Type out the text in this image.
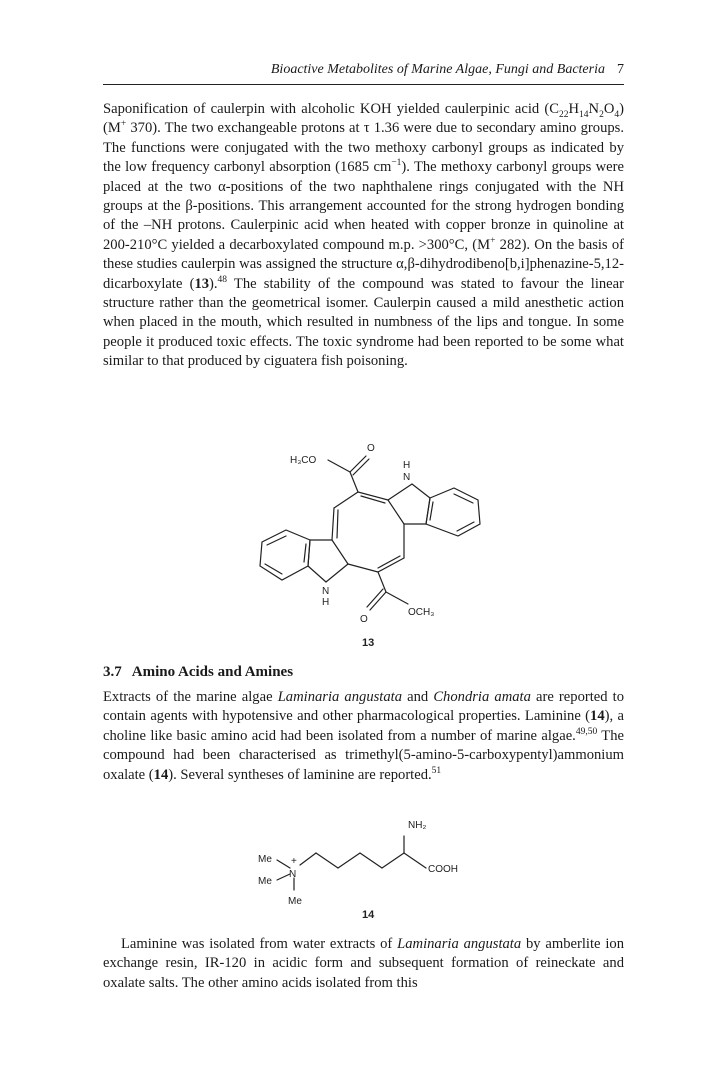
Bioactive Metabolites of Marine Algae, Fungi and Bacteria 7

Saponification of caulerpin with alcoholic KOH yielded caulerpinic acid $(C_{22}H_{14}N_2O_4)$ (M+ 370). The two exchangeable protons at τ 1.36 were due to secondary amino groups. The functions were conjugated with the two methoxy carbonyl groups as indicated by the low frequency carbonyl absorption (1685 $cm^{-1}$). The methoxy carbonyl groups were placed at the two α-positions of the two naphthalene rings conjugated with the NH groups at the β-positions. This arrangement accounted for the strong hydrogen bonding of the –NH protons. Caulerpinic acid when heated with copper bronze in quinoline at 200-210°C yielded a decarboxylated compound m.p. >300°C, (M+ 282). On the basis of these studies caulerpin was assigned the structure α,β-dihydrodibeno[b,i]phenazine-5,12-dicarboxylate (13).$^{48}$ The stability of the compound was stated to favour the linear structure rather than the geometrical isomer. Caulerpin caused a mild anesthetic action when placed in the mouth, which resulted in numbness of the lips and tongue. In some people it produced toxic effects. The toxic syndrome had been reported to be some what similar to that produced by ciguatera fish poisoning.

H₃CO
O
H
N
N
H
OCH₃
O
13
3.7 Amino Acids and Amines

Extracts of the marine algae Laminaria angustata and Chondria amata are reported to contain agents with hypotensive and other pharmacological properties. Laminine (14), a choline like basic amino acid had been isolated from a number of marine algae.$^{49,50}$ The compound had been characterised as trimethyl(5-amino-5-carboxypentyl)ammonium oxalate (14). Several syntheses of laminine are reported.$^{51}$

NH₂
COOH
Me
Me
Me
N
+
14

Laminine was isolated from water extracts of Laminaria angustata by amberlite ion exchange resin, IR-120 in acidic form and subsequent formation of reineckate and oxalate salts. The other amino acids isolated from this
